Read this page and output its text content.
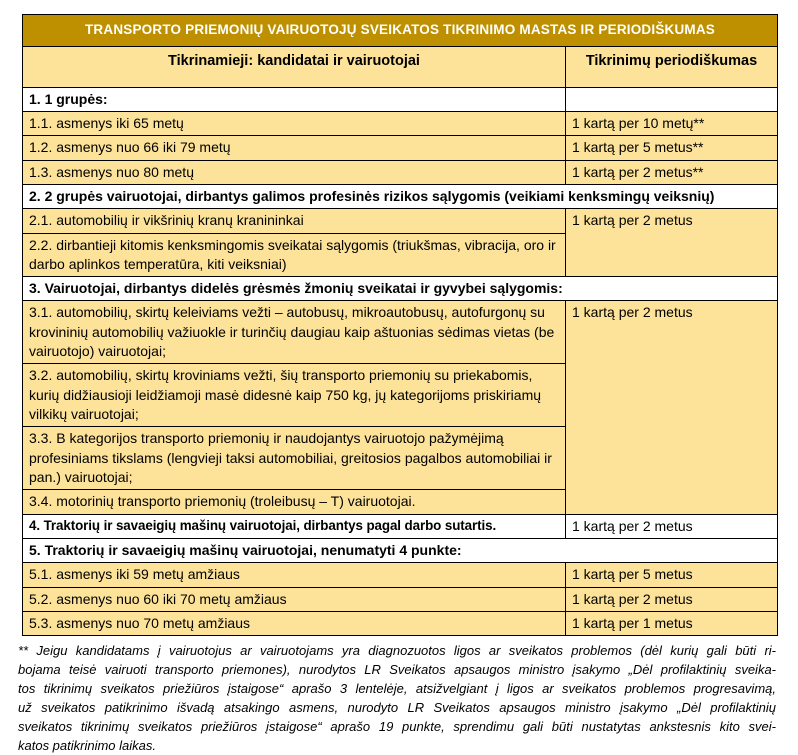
TRANSPORTO PRIEMONIŲ VAIRUOTOJŲ SVEIKATOS TIKRINIMO MASTAS IR PERIODIŠKUMAS	
Tikrinamieji: kandidatai ir vairuotojai	Tikrinimų periodiškumas
1. 1 grupės:	
1.1. asmenys iki 65 metų	1 kartą per 10 metų**
1.2. asmenys nuo 66 iki 79 metų	1 kartą per 5 metus**
1.3. asmenys nuo 80 metų	1 kartą per 2 metus**
2. 2 grupės vairuotojai, dirbantys galimos profesinės rizikos sąlygomis (veikiami kenksmingų veiksnių)	
2.1. automobilių ir vikšrinių kranų kranininkai	1 kartą per 2 metus
2.2. dirbantieji kitomis kenksmingomis sveikatai sąlygomis (triukšmas, vibracija, oro ir darbo aplinkos temperatūra, kiti veiksniai)	
3. Vairuotojai, dirbantys didelės grėsmės žmonių sveikatai ir gyvybei sąlygomis:	
3.1. automobilių, skirtų keleiviams vežti – autobusų, mikroautobusų, autofurgonų su krovininių automobilių važiuokle ir turinčių daugiau kaip aštuonias sėdimas vietas (be vairuotojo) vairuotojai;	1 kartą per 2 metus
3.2. automobilių, skirtų kroviniams vežti, šių transporto priemonių su priekabomis, kurių didžiausioji leidžiamoji masė didesnė kaip 750 kg, jų kategorijoms priskiriamų vilkikų vairuotojai;	
3.3. B kategorijos transporto priemonių ir naudojantys vairuotojo pažymėjimą profesiniams tikslams (lengvieji taksi automobiliai, greitosios pagalbos automobiliai ir pan.) vairuotojai;	
3.4. motorinių transporto priemonių (troleibusų – T) vairuotojai.	
4. Traktorių ir savaeigių mašinų vairuotojai, dirbantys pagal darbo sutartis.	1 kartą per 2 metus
5. Traktorių ir savaeigių mašinų vairuotojai, nenumatyti 4 punkte:	
5.1. asmenys iki 59 metų amžiaus	1 kartą per 5 metus
5.2. asmenys nuo 60 iki 70 metų amžiaus	1 kartą per 2 metus
5.3. asmenys nuo 70 metų amžiaus	1 kartą per 1 metus
** Jeigu kandidatams į vairuotojus ar vairuotojams yra diagnozuotos ligos ar sveikatos problemos (dėl kurių gali būti ri-
bojama teisė vairuoti transporto priemones), nurodytos LR Sveikatos apsaugos ministro įsakymo „Dėl profilaktinių sveika-
tos tikrinimų sveikatos priežiūros įstaigose“ aprašo 3 lentelėje, atsižvelgiant į ligos ar sveikatos problemos progresavimą,
už sveikatos patikrinimo išvadą atsakingo asmens, nurodyto LR Sveikatos apsaugos ministro įsakymo „Dėl profilaktinių
sveikatos tikrinimų sveikatos priežiūros įstaigose“ aprašo 19 punkte, sprendimu gali būti nustatytas ankstesnis kito svei-
katos patikrinimo laikas.
